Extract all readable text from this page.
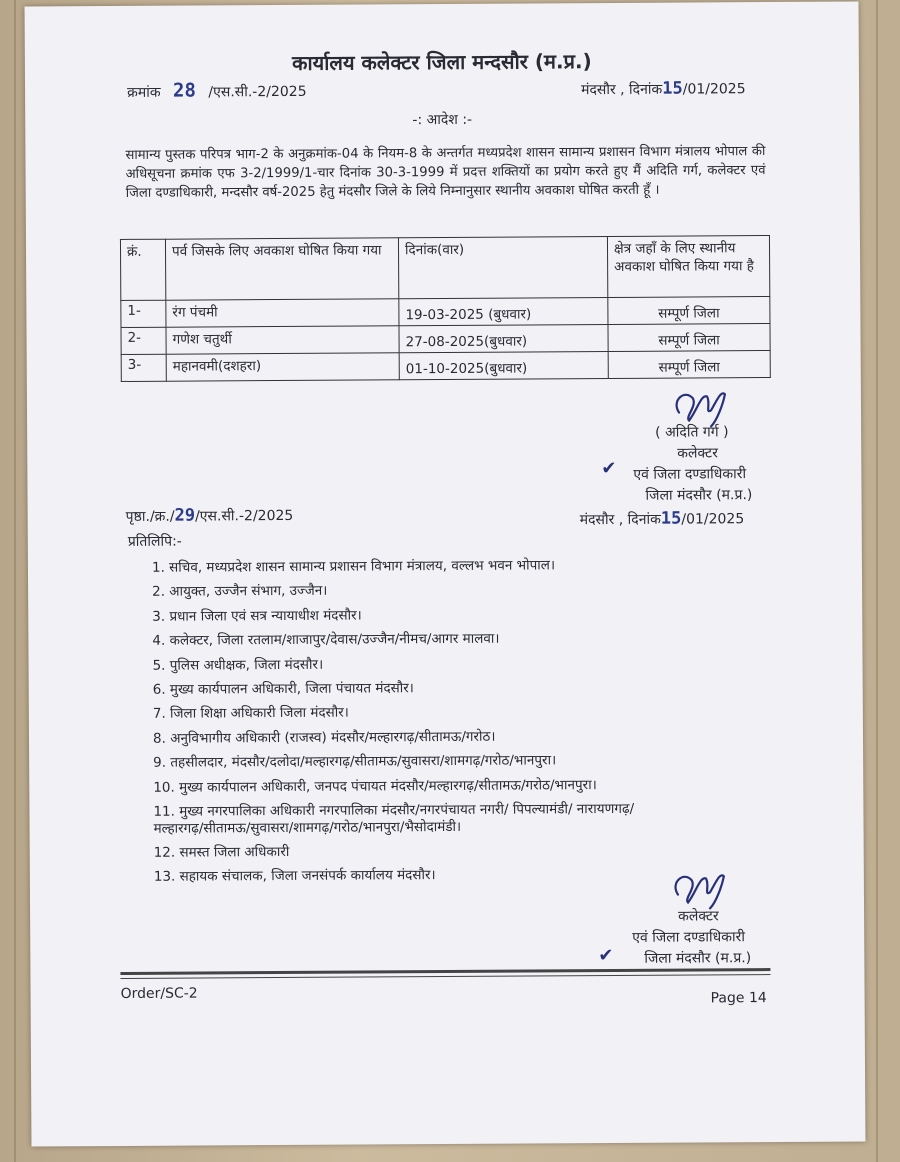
कार्यालय कलेक्टर जिला मन्दसौर (म.प्र.)
क्रमांक 28 /एस.सी.-2/2025	मंदसौर , दिनांक15/01/2025
-: आदेश :-
सामान्य पुस्तक परिपत्र भाग-2 के अनुक्रमांक-04 के नियम-8 के अन्तर्गत मध्यप्रदेश शासन सामान्य प्रशासन विभाग मंत्रालय भोपाल की अधिसूचना क्रमांक एफ 3-2/1999/1-चार दिनांक 30-3-1999 में प्रदत्त शक्तियों का प्रयोग करते हुए मैं अदिति गर्ग, कलेक्टर एवं जिला दण्डाधिकारी, मन्दसौर वर्ष-2025 हेतु मंदसौर जिले के लिये निम्नानुसार स्थानीय अवकाश घोषित करती हूँ ।
क्रं.	पर्व जिसके लिए अवकाश घोषित किया गया	दिनांक(वार)	क्षेत्र जहाँ के लिए स्थानीय अवकाश घोषित किया गया है
1-	रंग पंचमी	19-03-2025 (बुधवार)	सम्पूर्ण जिला
2-	गणेश चतुर्थी	27-08-2025(बुधवार)	सम्पूर्ण जिला
3-	महानवमी(दशहरा)	01-10-2025(बुधवार)	सम्पूर्ण जिला
( अदिति गर्ग )
कलेक्टर
✔ एवं जिला दण्डाधिकारी
जिला मंदसौर (म.प्र.)
पृष्ठा./क्र./29/एस.सी.-2/2025	मंदसौर , दिनांक15/01/2025
प्रतिलिपि:-
1. सचिव, मध्यप्रदेश शासन सामान्य प्रशासन विभाग मंत्रालय, वल्लभ भवन भोपाल।
2. आयुक्त, उज्जैन संभाग, उज्जैन।
3. प्रधान जिला एवं सत्र न्यायाधीश मंदसौर।
4. कलेक्टर, जिला रतलाम/शाजापुर/देवास/उज्जैन/नीमच/आगर मालवा।
5. पुलिस अधीक्षक, जिला मंदसौर।
6. मुख्य कार्यपालन अधिकारी, जिला पंचायत मंदसौर।
7. जिला शिक्षा अधिकारी जिला मंदसौर।
8. अनुविभागीय अधिकारी (राजस्व) मंदसौर/मल्हारगढ़/सीतामऊ/गरोठ।
9. तहसीलदार, मंदसौर/दलोदा/मल्हारगढ़/सीतामऊ/सुवासरा/शामगढ़/गरोठ/भानपुरा।
10. मुख्य कार्यपालन अधिकारी, जनपद पंचायत मंदसौर/मल्हारगढ़/सीतामऊ/गरोठ/भानपुरा।
11. मुख्य नगरपालिका अधिकारी नगरपालिका मंदसौर/नगरपंचायत नगरी/ पिपल्यामंडी/ नारायणगढ़/
मल्हारगढ़/सीतामऊ/सुवासरा/शामगढ़/गरोठ/भानपुरा/भैसोदामंडी।
12. समस्त जिला अधिकारी
13. सहायक संचालक, जिला जनसंपर्क कार्यालय मंदसौर।
कलेक्टर
एवं जिला दण्डाधिकारी
✔ जिला मंदसौर (म.प्र.)
Order/SC-2	Page 14
